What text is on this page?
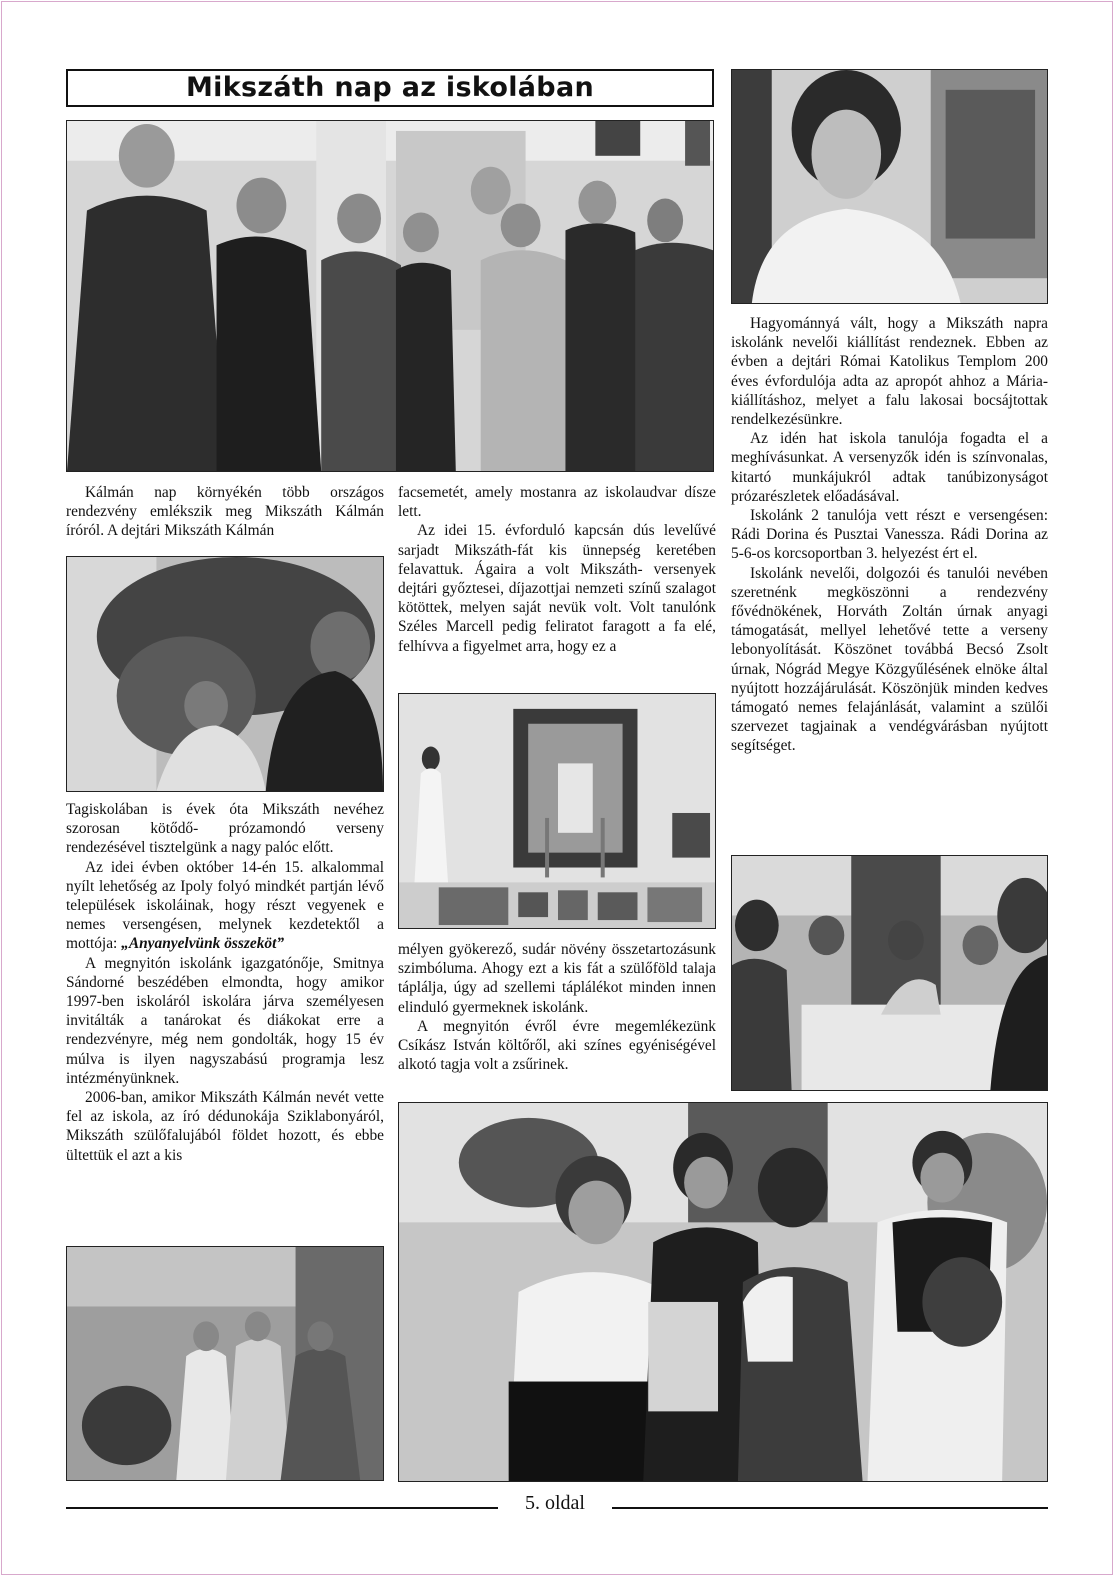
Mikszáth nap az iskolában

Kálmán nap környékén több országos rendezvény emlékszik meg Mikszáth Kálmán íróról. A dejtári Mikszáth Kálmán

Tagiskolában is évek óta Mikszáth nevéhez szorosan kötődő- prózamondó verseny rendezésével tisztelgünk a nagy palóc előtt.

Az idei évben október 14-én 15. alkalommal nyílt lehetőség az Ipoly folyó mindkét partján lévő települések iskoláinak, hogy részt vegyenek e nemes versengésen, melynek kezdetektől a mottója: „Anyanyelvünk összeköt”

A megnyitón iskolánk igazgatónője, Smitnya Sándorné beszédében elmondta, hogy amikor 1997-ben iskoláról iskolára járva személyesen invitálták a tanárokat és diákokat erre a rendezvényre, még nem gondolták, hogy 15 év múlva is ilyen nagyszabású programja lesz intézményünknek.

2006-ban, amikor Mikszáth Kálmán nevét vette fel az iskola, az író dédunokája Sziklabonyáról, Mikszáth szülőfalujából földet hozott, és ebbe ültettük el azt a kis

facsemetét, amely mostanra az iskolaudvar dísze lett.

Az idei 15. évforduló kapcsán dús levelűvé sarjadt Mikszáth-fát kis ünnepség keretében felavattuk. Ágaira a volt Mikszáth- versenyek dejtári győztesei, díjazottjai nemzeti színű szalagot kötöttek, melyen saját nevük volt. Volt tanulónk Széles Marcell pedig feliratot faragott a fa elé, felhívva a figyelmet arra, hogy ez a

mélyen gyökerező, sudár növény összetartozásunk szimbóluma. Ahogy ezt a kis fát a szülőföld talaja táplálja, úgy ad szellemi táplálékot minden innen elinduló gyermeknek iskolánk.

A megnyitón évről évre megemlékezünk Csíkász István költőről, aki színes egyéniségével alkotó tagja volt a zsűrinek.

Hagyománnyá vált, hogy a Mikszáth napra iskolánk nevelői kiállítást rendeznek. Ebben az évben a dejtári Római Katolikus Templom 200 éves évfordulója adta az apropót ahhoz a Mária-kiállításhoz, melyet a falu lakosai bocsájtottak rendelkezésünkre.

Az idén hat iskola tanulója fogadta el a meghívásunkat. A versenyzők idén is színvonalas, kitartó munkájukról adtak tanúbizonyságot prózarészletek előadásával.

Iskolánk 2 tanulója vett részt e versengésen: Rádi Dorina és Pusztai Vanessza. Rádi Dorina az 5-6-os korcsoportban 3. helyezést ért el.

Iskolánk nevelői, dolgozói és tanulói nevében szeretnénk megköszönni a rendezvény fővédnökének, Horváth Zoltán úrnak anyagi támogatását, mellyel lehetővé tette a verseny lebonyolítását. Köszönet továbbá Becsó Zsolt úrnak, Nógrád Megye Közgyűlésének elnöke által nyújtott hozzájárulását. Köszönjük minden kedves támogató nemes felajánlását, valamint a szülői szervezet tagjainak a vendégvárásban nyújtott segítséget.

5. oldal
